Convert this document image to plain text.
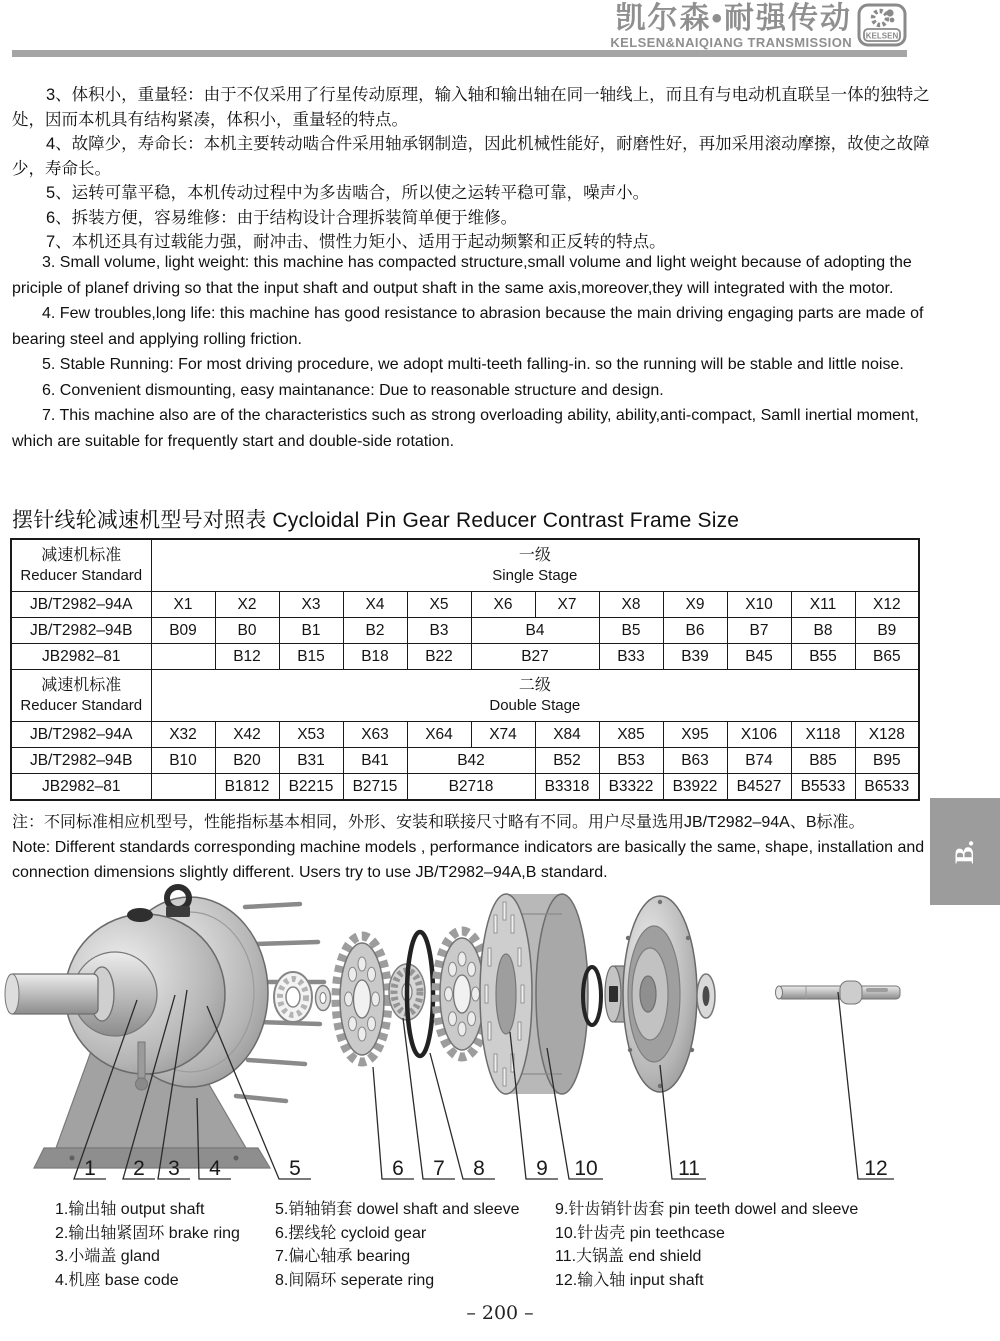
凯尔森•耐强传动
KELSEN&NAIQIANG TRANSMISSION KELSEN

3、体积小，重量轻：由于不仅采用了行星传动原理，输入轴和输出轴在同一轴线上，而且有与电动机直联呈一体的独特之处，因而本机具有结构紧凑，体积小，重量轻的特点。

4、故障少，寿命长：本机主要转动啮合件采用轴承钢制造，因此机械性能好，耐磨性好，再加采用滚动摩擦，故使之故障少，寿命长。

5、运转可靠平稳，本机传动过程中为多齿啮合，所以使之运转平稳可靠，噪声小。

6、拆装方便，容易维修：由于结构设计合理拆装简单便于维修。

7、本机还具有过载能力强，耐冲击、惯性力矩小、适用于起动频繁和正反转的特点。

3. Small volume, light weight: this machine has compacted structure,small volume and light weight because of adopting the priciple of planef driving so that the input shaft and output shaft in the same axis,moreover,they will integrated with the motor.

4. Few troubles,long life: this machine has good resistance to abrasion because the main driving engaging parts are made of bearing steel and applying rolling friction.

5. Stable Running: For most driving procedure, we adopt multi-teeth falling-in. so the running will be stable and little noise.

6. Convenient dismounting, easy maintanance: Due to reasonable structure and design.

7. This machine also are of the characteristics such as strong overloading ability, ability,anti-compact, Samll inertial moment, which are suitable for frequently start and double-side rotation.

摆针线轮减速机型号对照表 Cycloidal Pin Gear Reducer Contrast Frame Size
减速机标准
Reducer Standard

一级
Single Stage

JB/T2982–94A	X1	X2	X3	X4	X5	X6	X7	X8	X9	X10	X11	X12
JB/T2982–94B	B09	B0	B1	B2	B3	B4		B5	B6	B7	B8	B9
JB2982–81		B12	B15	B18	B22	B27		B33	B39	B45	B55	B65

减速机标准
Reducer Standard

二级
Double Stage

JB/T2982–94A	X32	X42	X53	X63	X64	X74	X84	X85	X95	X106	X118	X128
JB/T2982–94B	B10	B20	B31	B41	B42		B52	B53	B63	B74	B85	B95
JB2982–81		B1812	B2215	B2715	B2718		B3318	B3322	B3922	B4527	B5533	B6533

注：不同标准相应机型号，性能指标基本相同，外形、安装和联接尺寸略有不同。用户尽量选用JB/T2982–94A、B标准。

Note: Different standards corresponding machine models , performance indicators are basically the same, shape, installation and connection dimensions slightly different. Users try to use JB/T2982–94A,B standard.

B.
1 2 3 4	5	6 7 8 9 10	11	12
1.输出轴 output shaft
2.输出轴紧固环 brake ring
3.小端盖 gland
4.机座 base code
5.销轴销套 dowel shaft and sleeve
6.摆线轮 cycloid gear
7.偏心轴承 bearing
8.间隔环 seperate ring
9.针齿销针齿套 pin teeth dowel and sleeve
10.针齿壳 pin teethcase
11.大锅盖 end shield
12.输入轴 input shaft
– 200 –
